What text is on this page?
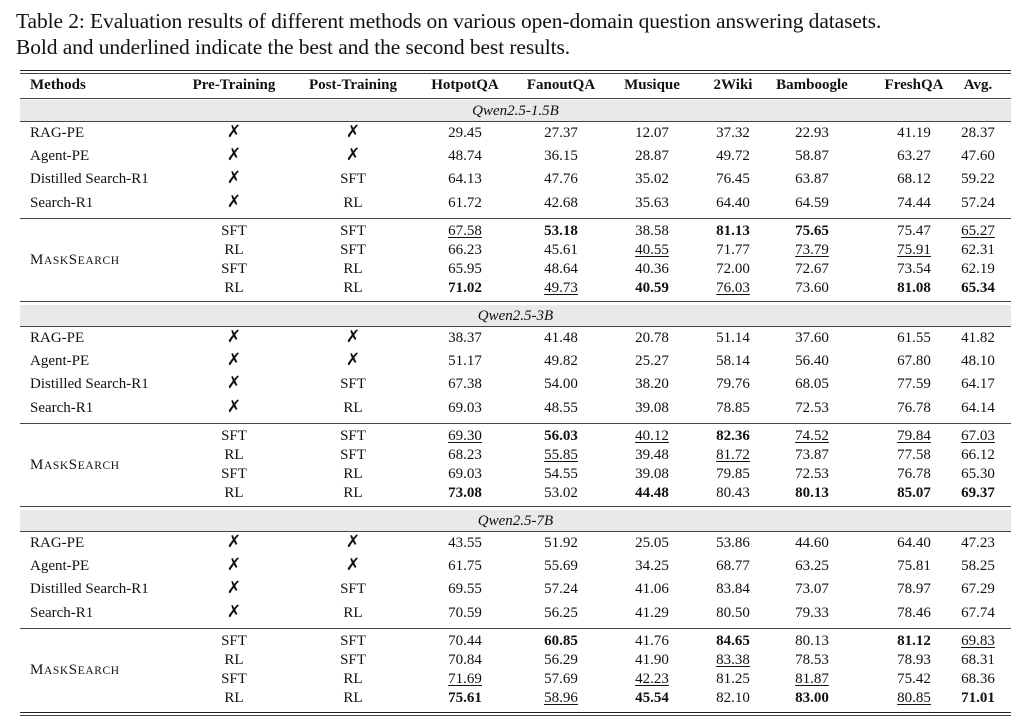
Table 2: Evaluation results of different methods on various open-domain question answering datasets.
Bold and underlined indicate the best and the second best results.
Methods	Pre-Training Post-Training HotpotQA FanoutQA Musique 2Wiki Bamboogle FreshQA Avg.
Qwen2.5-1.5B
RAG-PE	✗	✗	29.45	27.37	12.07	37.32	22.93	41.19 28.37
Agent-PE	✗	✗	48.74	36.15	28.87	49.72	58.87	63.27 47.60
Distilled Search-R1	✗	SFT	64.13	47.76	35.02	76.45	63.87	68.12 59.22
Search-R1	✗	RL	61.72	42.68	35.63	64.40	64.59	74.44 57.24
SFT	SFT	67.58	53.18	38.58	81.13	75.65	75.47 65.27
RL	SFT	66.23	45.61	40.55	71.77	73.79	75.91 62.31
SFT	RL	65.95	48.64	40.36	72.00	72.67	73.54 62.19
RL	RL	71.02	49.73	40.59	76.03	73.60	81.08 65.34
MASKSEARCH
Qwen2.5-3B
RAG-PE	✗	✗	38.37	41.48	20.78	51.14	37.60	61.55 41.82
Agent-PE	✗	✗	51.17	49.82	25.27	58.14	56.40	67.80 48.10
Distilled Search-R1	✗	SFT	67.38	54.00	38.20	79.76	68.05	77.59 64.17
Search-R1	✗	RL	69.03	48.55	39.08	78.85	72.53	76.78 64.14
SFT	SFT	69.30	56.03	40.12	82.36	74.52	79.84 67.03
RL	SFT	68.23	55.85	39.48	81.72	73.87	77.58 66.12
SFT	RL	69.03	54.55	39.08	79.85	72.53	76.78 65.30
RL	RL	73.08	53.02	44.48	80.43	80.13	85.07 69.37
MASKSEARCH
Qwen2.5-7B
RAG-PE	✗	✗	43.55	51.92	25.05	53.86	44.60	64.40 47.23
Agent-PE	✗	✗	61.75	55.69	34.25	68.77	63.25	75.81 58.25
Distilled Search-R1	✗	SFT	69.55	57.24	41.06	83.84	73.07	78.97 67.29
Search-R1	✗	RL	70.59	56.25	41.29	80.50	79.33	78.46 67.74
SFT	SFT	70.44	60.85	41.76	84.65	80.13	81.12 69.83
RL	SFT	70.84	56.29	41.90	83.38	78.53	78.93 68.31
SFT	RL	71.69	57.69	42.23	81.25	81.87	75.42 68.36
RL	RL	75.61	58.96	45.54	82.10	83.00	80.85 71.01
MASKSEARCH
